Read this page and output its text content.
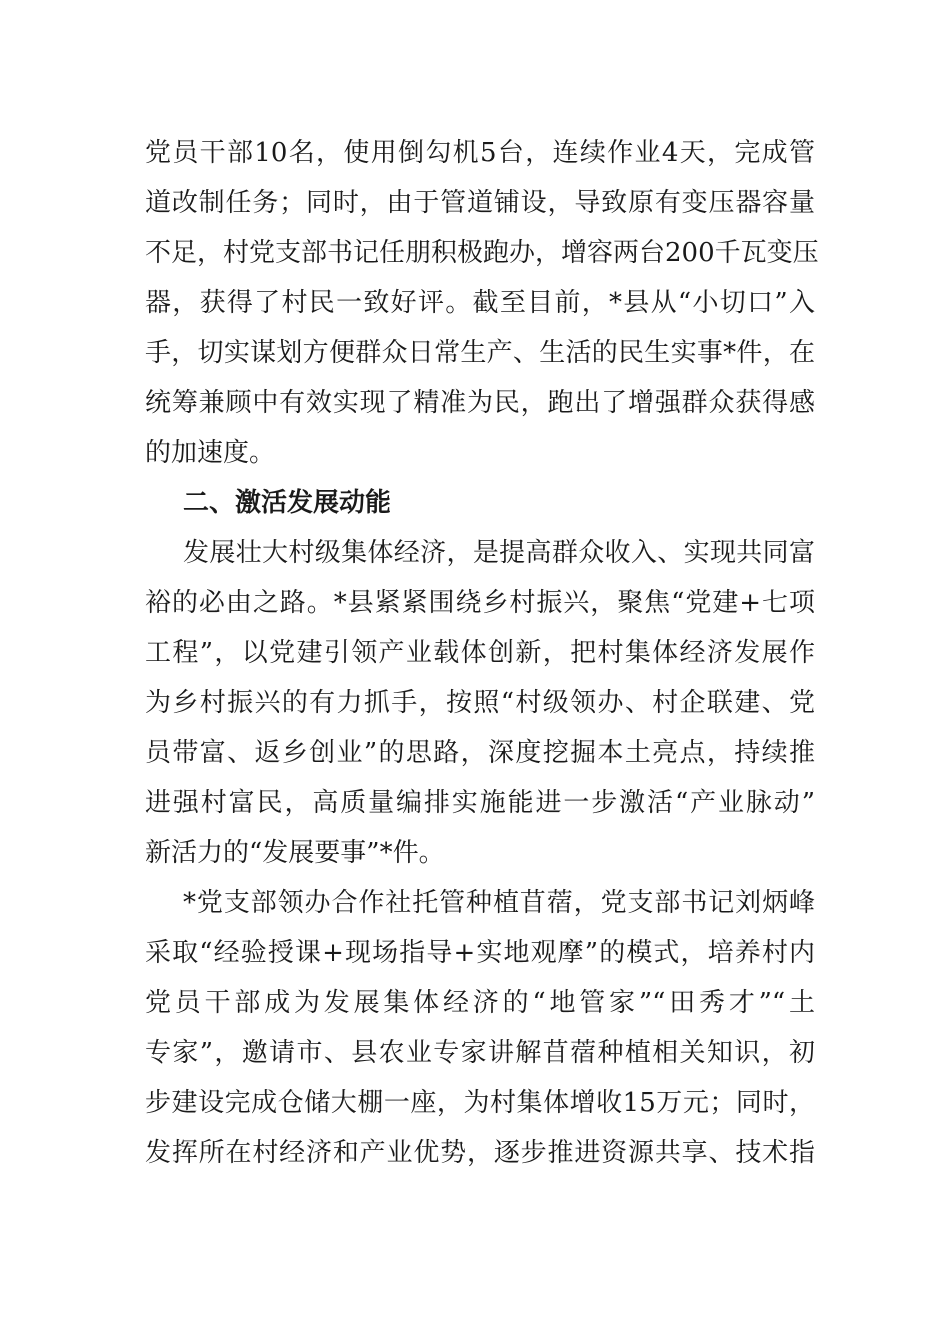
党员干部10名，使用倒勾机5台，连续作业4天，完成管
道改制任务；同时，由于管道铺设，导致原有变压器容量
不足，村党支部书记任朋积极跑办，增容两台200千瓦变压
器，获得了村民一致好评。截至目前，*县从“小切口”入
手，切实谋划方便群众日常生产、生活的民生实事*件，在
统筹兼顾中有效实现了精准为民，跑出了增强群众获得感
的加速度。
二、激活发展动能
发展壮大村级集体经济，是提高群众收入、实现共同富
裕的必由之路。*县紧紧围绕乡村振兴，聚焦“党建+七项
工程”，以党建引领产业载体创新，把村集体经济发展作
为乡村振兴的有力抓手，按照“村级领办、村企联建、党
员带富、返乡创业”的思路，深度挖掘本土亮点，持续推
进强村富民，高质量编排实施能进一步激活“产业脉动”
新活力的“发展要事”*件。
*党支部领办合作社托管种植苜蓿，党支部书记刘炳峰
采取“经验授课+现场指导+实地观摩”的模式，培养村内
党员干部成为发展集体经济的“地管家”“田秀才”“土
专家”，邀请市、县农业专家讲解苜蓿种植相关知识，初
步建设完成仓储大棚一座，为村集体增收15万元；同时，
发挥所在村经济和产业优势，逐步推进资源共享、技术指
